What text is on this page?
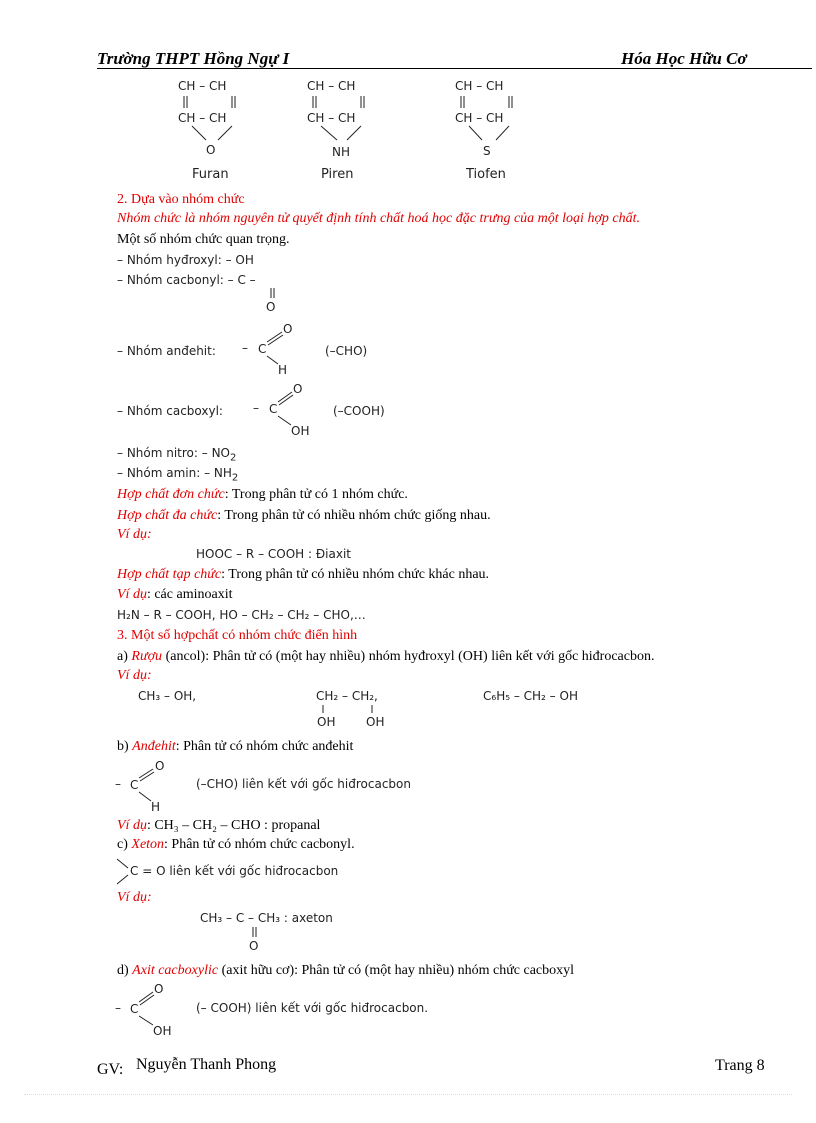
Trường THPT Hồng Ngự I	Hóa Học Hữu Cơ
CH – CH
CH – CH
O
Furan
CH – CH
CH – CH
NH
Piren
CH – CH
CH – CH
S
Tiofen
2. Dựa vào nhóm chức
Nhóm chức là nhóm nguyên tử quyết định tính chất hoá học đặc trưng của một loại hợp chất.
Một số nhóm chức quan trọng.
– Nhóm hyđroxyl: – OH
– Nhóm cacbonyl: – C –
O
– Nhóm anđehit: – C
O
H
(–CHO)
– Nhóm cacboxyl:	– C
O
OH
(–COOH)
– Nhóm nitro: – $NO_2$
– Nhóm amin: – $NH_2$
Hợp chất đơn chức: Trong phân tử có 1 nhóm chức.
Hợp chất đa chức: Trong phân tử có nhiều nhóm chức giống nhau.
Ví dụ:
HOOC – R – COOH : Điaxit
Hợp chất tạp chức: Trong phân tử có nhiều nhóm chức khác nhau.
Ví dụ: các aminoaxit
H₂N – R – COOH, HO – CH₂ – CH₂ – CHO,…
3. Một số hợpchất có nhóm chức điển hình
a) Rượu (ancol): Phân tử có (một hay nhiều) nhóm hyđroxyl (OH) liên kết với gốc hiđrocacbon.
Ví dụ:
CH₃ – OH,	CH₂ – CH₂,
OH	OH
C₆H₅ – CH₂ – OH
b) Anđehit: Phân tử có nhóm chức anđehit
– C
O
H
(–CHO) liên kết với gốc hiđrocacbon
Ví dụ: CH₃ – CH₂ – CHO : propanal
c) Xeton: Phân tử có nhóm chức cacbonyl.
C = O liên kết với gốc hiđrocacbon
Ví dụ:
CH₃ – C – CH₃ : axeton
O
d) Axit cacboxylic (axit hữu cơ): Phân tử có (một hay nhiều) nhóm chức cacboxyl
– C
O
OH
(– COOH) liên kết với gốc hiđrocacbon.
GV: Nguyễn Thanh Phong	Trang 8
